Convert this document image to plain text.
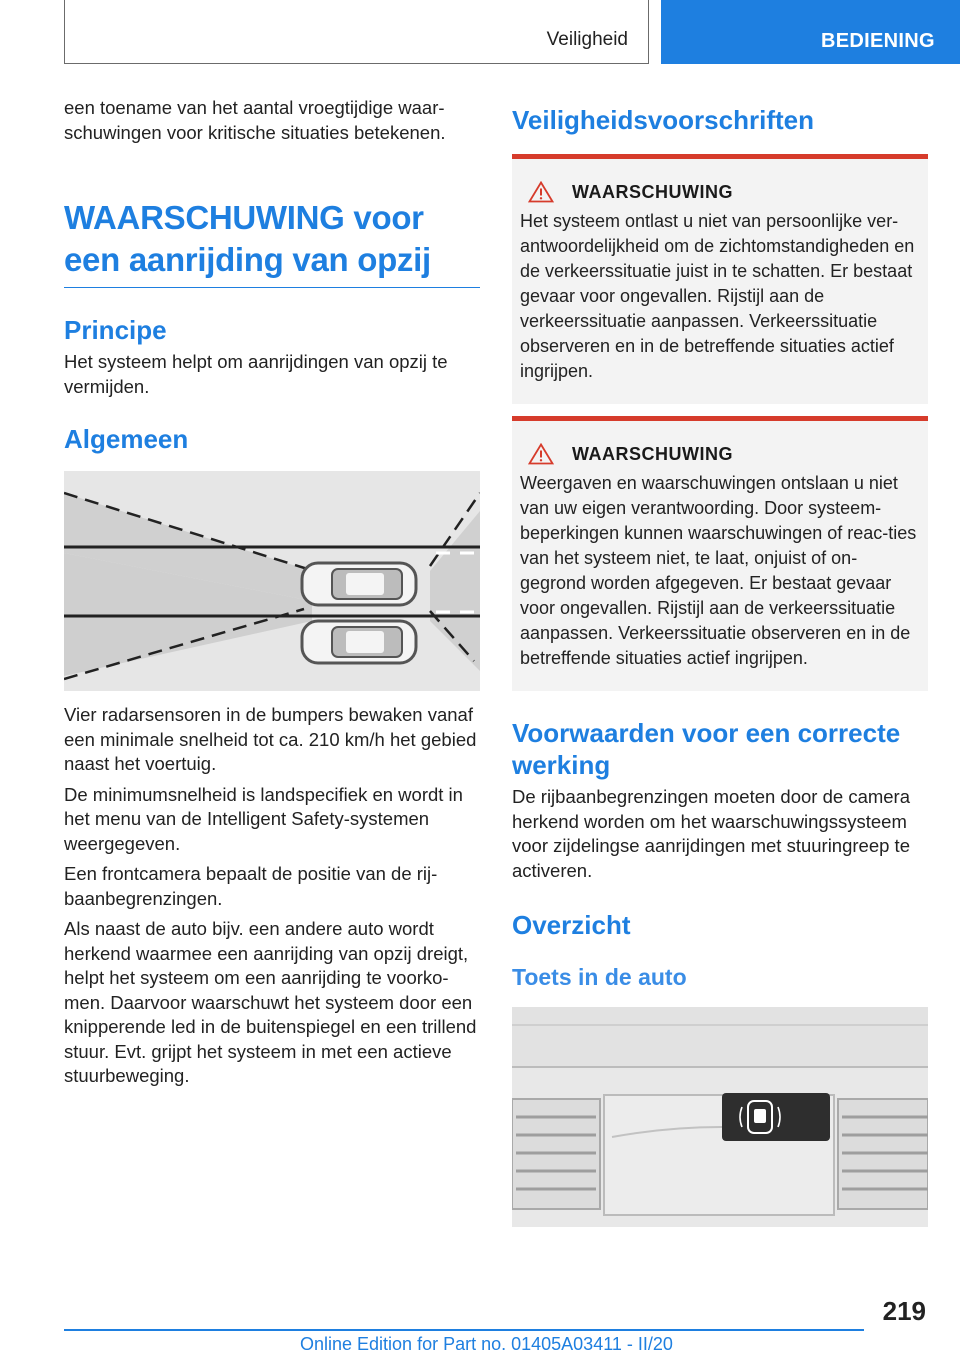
Veiligheid	BEDIENING

een toename van het aantal vroegtijdige waar-

schuwingen voor kritische situaties betekenen.

WAARSCHUWING voor
een aanrijding van opzij
Principe

Het systeem helpt om aanrijdingen van opzij te vermijden.

Algemeen

Vier radarsensoren in de bumpers bewaken vanaf een minimale snelheid tot ca. 210 km/h het gebied naast het voertuig.

De minimumsnelheid is landspecifiek en wordt in het menu van de Intelligent Safety-systemen weergegeven.

Een frontcamera bepaalt de positie van de rij-baanbegrenzingen.

Als naast de auto bijv. een andere auto wordt herkend waarmee een aanrijding van opzij dreigt, helpt het systeem om een aanrijding te voorko-men. Daarvoor waarschuwt het systeem door een knipperende led in de buitenspiegel en een trillend stuur. Evt. grijpt het systeem in met een actieve stuurbeweging.

Veiligheidsvoorschriften
WAARSCHUWING
Het systeem ontlast u niet van persoonlijke ver-antwoordelijkheid om de zichtomstandigheden en de verkeerssituatie juist in te schatten. Er bestaat gevaar voor ongevallen. Rijstijl aan de verkeerssituatie aanpassen. Verkeerssituatie observeren en in de betreffende situaties actief ingrijpen.
WAARSCHUWING
Weergaven en waarschuwingen ontslaan u niet van uw eigen verantwoording. Door systeem-beperkingen kunnen waarschuwingen of reac-ties van het systeem niet, te laat, onjuist of on-gegrond worden afgegeven. Er bestaat gevaar voor ongevallen. Rijstijl aan de verkeerssituatie aanpassen. Verkeerssituatie observeren en in de betreffende situaties actief ingrijpen.
Voorwaarden voor een correcte werking

De rijbaanbegrenzingen moeten door de camera herkend worden om het waarschuwingssysteem voor zijdelingse aanrijdingen met stuuringreep te activeren.

Overzicht
Toets in de auto
219
Online Edition for Part no. 01405A03411 - II/20
